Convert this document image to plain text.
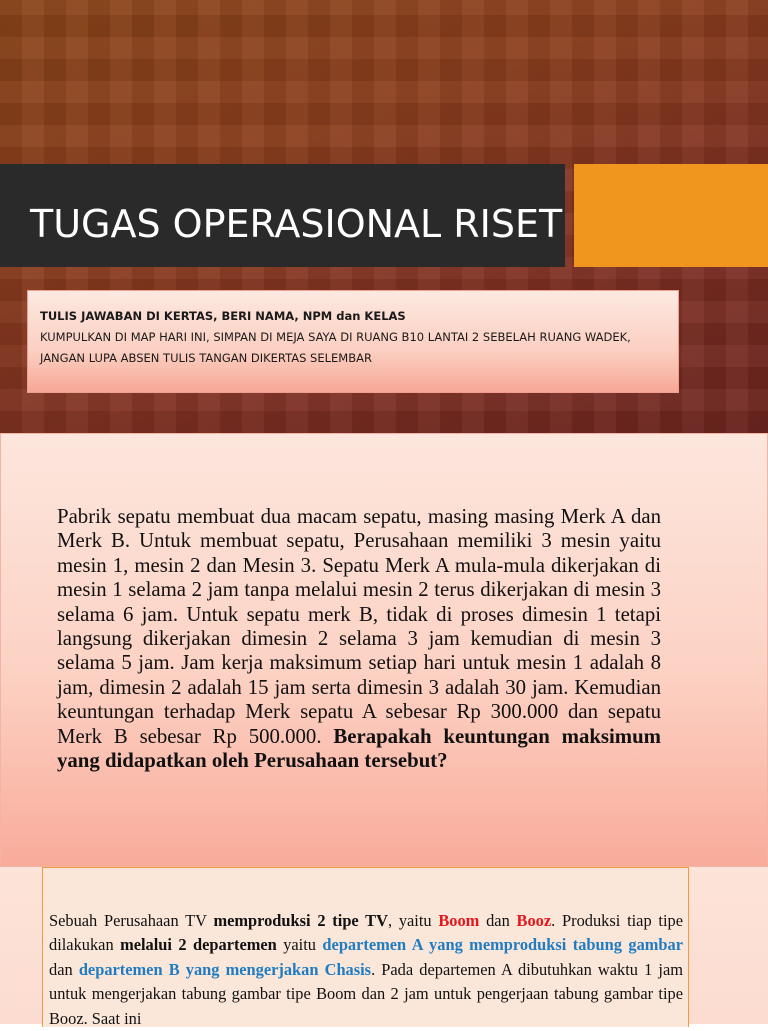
TUGAS OPERASIONAL RISET
TULIS JAWABAN DI KERTAS, BERI NAMA, NPM dan KELAS
KUMPULKAN DI MAP HARI INI, SIMPAN DI MEJA SAYA DI RUANG B10 LANTAI 2 SEBELAH RUANG WADEK,
JANGAN LUPA ABSEN TULIS TANGAN DIKERTAS SELEMBAR

Pabrik sepatu membuat dua macam sepatu, masing masing Merk A dan Merk B. Untuk membuat sepatu, Perusahaan memiliki 3 mesin yaitu mesin 1, mesin 2 dan Mesin 3. Sepatu Merk A mula-mula dikerjakan di mesin 1 selama 2 jam tanpa melalui mesin 2 terus dikerjakan di mesin 3 selama 6 jam. Untuk sepatu merk B, tidak di proses dimesin 1 tetapi langsung dikerjakan dimesin 2 selama 3 jam kemudian di mesin 3 selama 5 jam. Jam kerja maksimum setiap hari untuk mesin 1 adalah 8 jam, dimesin 2 adalah 15 jam serta dimesin 3 adalah 30 jam. Kemudian keuntungan terhadap Merk sepatu A sebesar Rp 300.000 dan sepatu Merk B sebesar Rp 500.000. Berapakah keuntungan maksimum yang didapatkan oleh Perusahaan tersebut?

Sebuah Perusahaan TV memproduksi 2 tipe TV, yaitu Boom dan Booz. Produksi tiap tipe dilakukan melalui 2 departemen yaitu departemen A yang memproduksi tabung gambar dan departemen B yang mengerjakan Chasis. Pada departemen A dibutuhkan waktu 1 jam untuk mengerjakan tabung gambar tipe Boom dan 2 jam untuk pengerjaan tabung gambar tipe Booz. Saat ini
